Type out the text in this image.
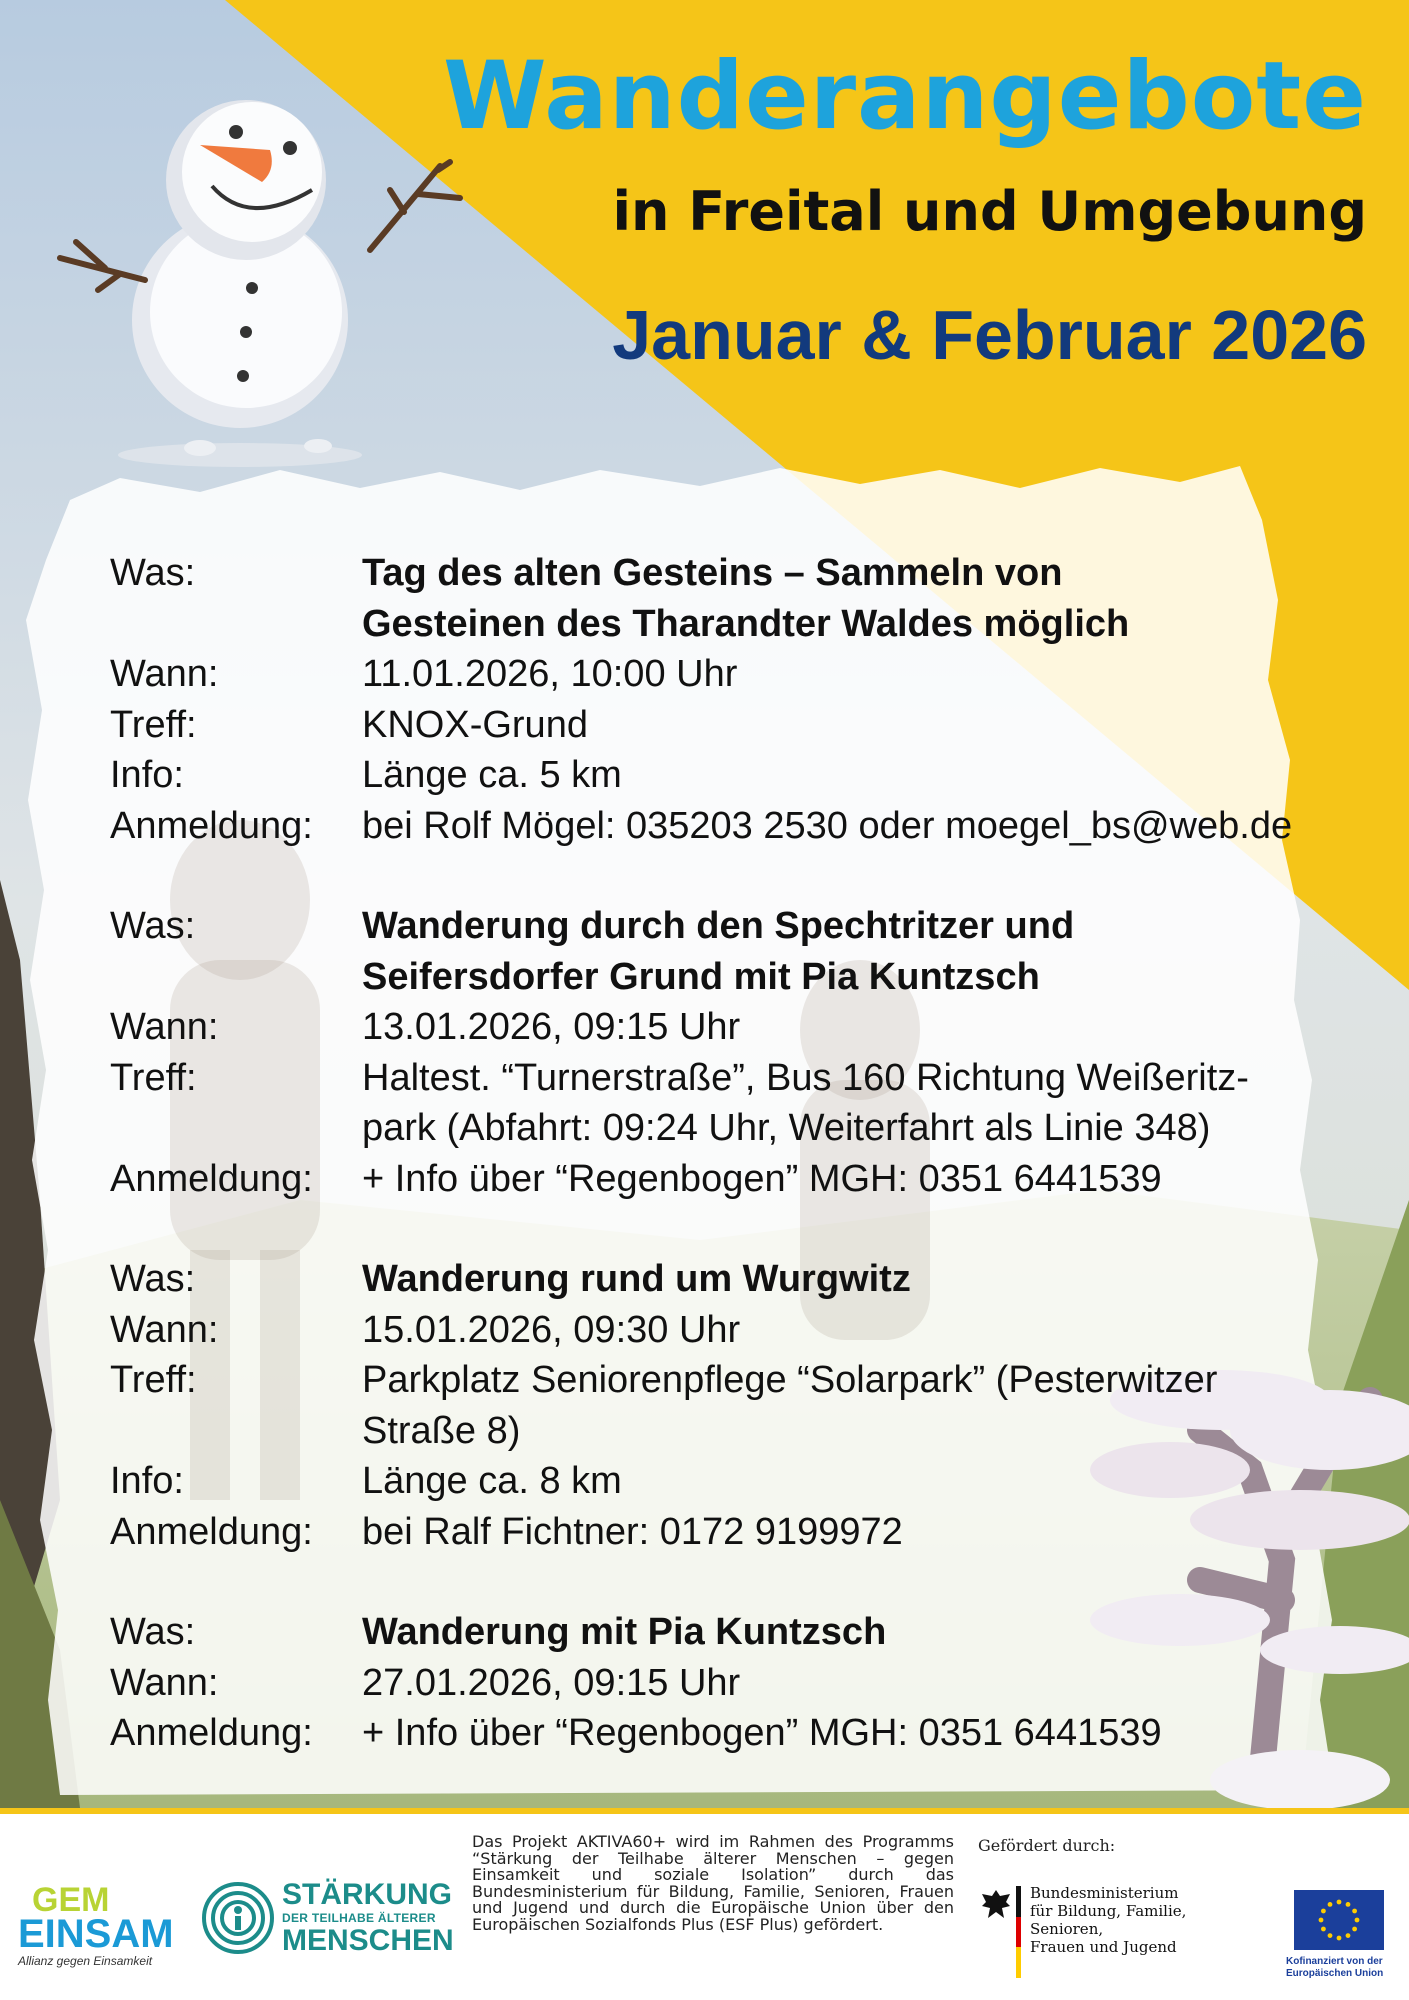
Wanderangebote
in Freital und Umgebung
Januar & Februar 2026
Was:	Tag des alten Gesteins – Sammeln von
Gesteinen des Tharandter Waldes möglich
Wann:	11.01.2026, 10:00 Uhr
Treff:	KNOX-Grund
Info:	Länge ca. 5 km
Anmeldung:	bei Rolf Mögel: 035203 2530 oder moegel_bs@web.de
Was:	Wanderung durch den Spechtritzer und
Seifersdorfer Grund mit Pia Kuntzsch
Wann:	13.01.2026, 09:15 Uhr
Treff:	Haltest. “Turnerstraße”, Bus 160 Richtung Weißeritz-
park (Abfahrt: 09:24 Uhr, Weiterfahrt als Linie 348)
Anmeldung:	+ Info über “Regenbogen” MGH: 0351 6441539
Was:	Wanderung rund um Wurgwitz
Wann:	15.01.2026, 09:30 Uhr
Treff:	Parkplatz Seniorenpflege “Solarpark” (Pesterwitzer
Straße 8)
Info:	Länge ca. 8 km
Anmeldung:	bei Ralf Fichtner: 0172 9199972
Was:	Wanderung mit Pia Kuntzsch
Wann:	27.01.2026, 09:15 Uhr
Anmeldung:	+ Info über “Regenbogen” MGH: 0351 6441539
GEM
EINSAM
Allianz gegen Einsamkeit
STÄRKUNG
DER TEILHABE ÄLTERER
MENSCHEN
Das Projekt AKTIVA60+ wird im Rahmen des Programms “Stärkung der Teilhabe älterer Menschen – gegen Einsamkeit und soziale Isolation” durch das Bundesministerium für Bildung, Familie, Senioren, Frauen und Jugend und durch die Europäische Union über den Europäischen Sozialfonds Plus (ESF Plus) gefördert.
Gefördert durch:
Bundesministerium
für Bildung, Familie, Senioren,
Frauen und Jugend
Kofinanziert von der Europäischen Union
